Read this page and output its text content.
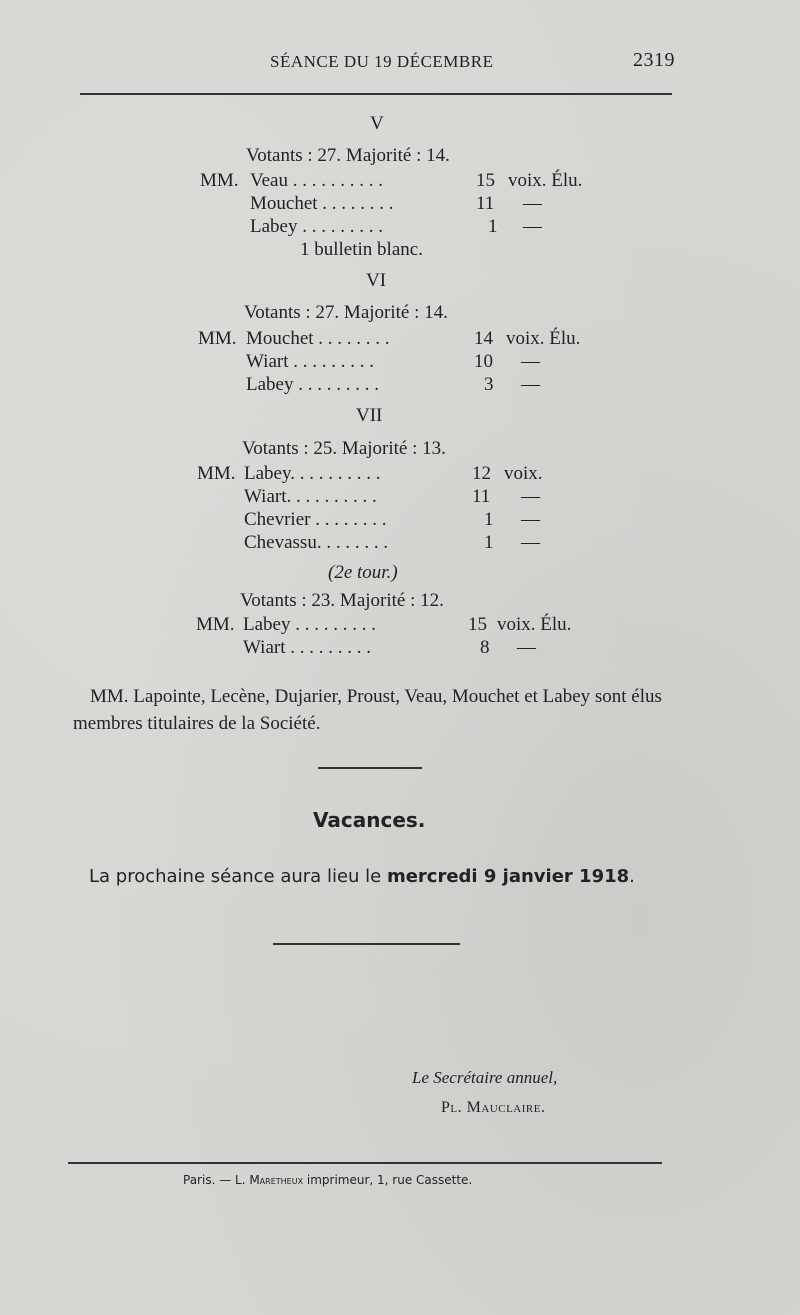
SÉANCE DU 19 DÉCEMBRE	2319
V
Votants : 27. Majorité : 14.
MM. Veau . . . . . . . . . .	15 voix. Élu.
Mouchet . . . . . . . .	11 —
Labey . . . . . . . . .	1 —
1 bulletin blanc.
VI
Votants : 27. Majorité : 14.
MM. Mouchet . . . . . . . .	14 voix. Élu.
Wiart . . . . . . . . .	10 —
Labey . . . . . . . . .	3 —
VII
Votants : 25. Majorité : 13.
MM. Labey. . . . . . . . . .	12 voix.
Wiart. . . . . . . . . .	11 —
Chevrier . . . . . . . .	1 —
Chevassu. . . . . . . .	1 —
(2e tour.)
Votants : 23. Majorité : 12.
MM. Labey . . . . . . . . .	15 voix. Élu.
Wiart . . . . . . . . .	8 —
MM. Lapointe, Lecène, Dujarier, Proust, Veau, Mouchet et Labey sont élus membres titulaires de la Société.
Vacances.
La prochaine séance aura lieu le mercredi 9 janvier 1918.
Le Secrétaire annuel,
Pl. Mauclaire.
Paris. — L. Maretheux imprimeur, 1, rue Cassette.
